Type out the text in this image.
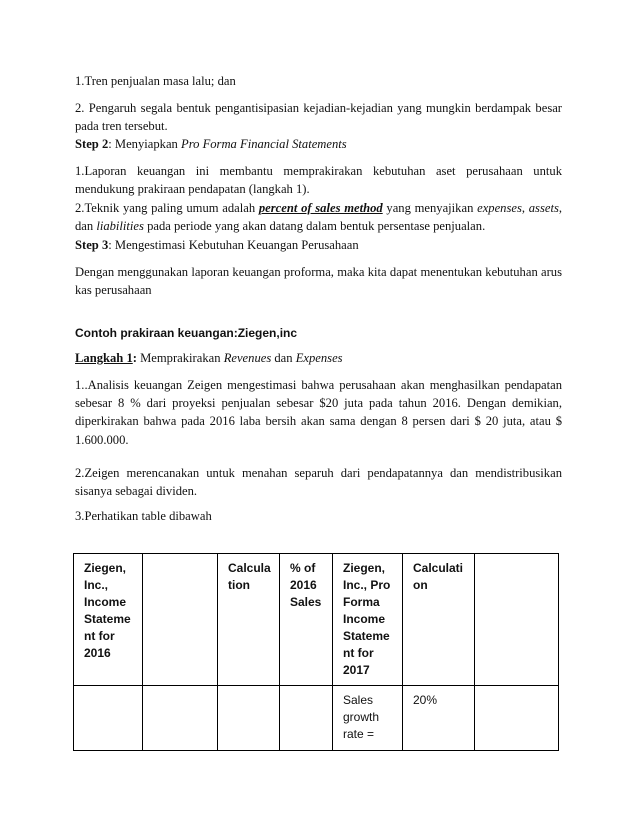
1.Tren penjualan masa lalu; dan

2. Pengaruh segala bentuk pengantisipasian kejadian-kejadian yang mungkin berdampak besar pada tren tersebut.

Step 2: Menyiapkan Pro Forma Financial Statements

1.Laporan keuangan ini membantu memprakirakan kebutuhan aset perusahaan untuk mendukung prakiraan pendapatan (langkah 1).

2.Teknik yang paling umum adalah percent of sales method yang menyajikan expenses, assets, dan liabilities pada periode yang akan datang dalam bentuk persentase penjualan.

Step 3: Mengestimasi Kebutuhan Keuangan Perusahaan

Dengan menggunakan laporan keuangan proforma, maka kita dapat menentukan kebutuhan arus kas perusahaan

Contoh prakiraan keuangan:Ziegen,inc

Langkah 1: Memprakirakan Revenues dan Expenses

1..Analisis keuangan Zeigen mengestimasi bahwa perusahaan akan menghasilkan pendapatan sebesar 8 % dari proyeksi penjualan sebesar $20 juta pada tahun 2016. Dengan demikian, diperkirakan bahwa pada 2016 laba bersih akan sama dengan 8 persen dari $ 20 juta, atau $ 1.600.000.

2.Zeigen merencanakan untuk menahan separuh dari pendapatannya dan mendistribusikan sisanya sebagai dividen.

3.Perhatikan table dibawah

Ziegen, Inc., Income Statement for 2016		Calculation	% of 2016 Sales	Ziegen, Inc., Pro Forma Income Statement for 2017	Calculation	
				Sales growth rate =	20%	
